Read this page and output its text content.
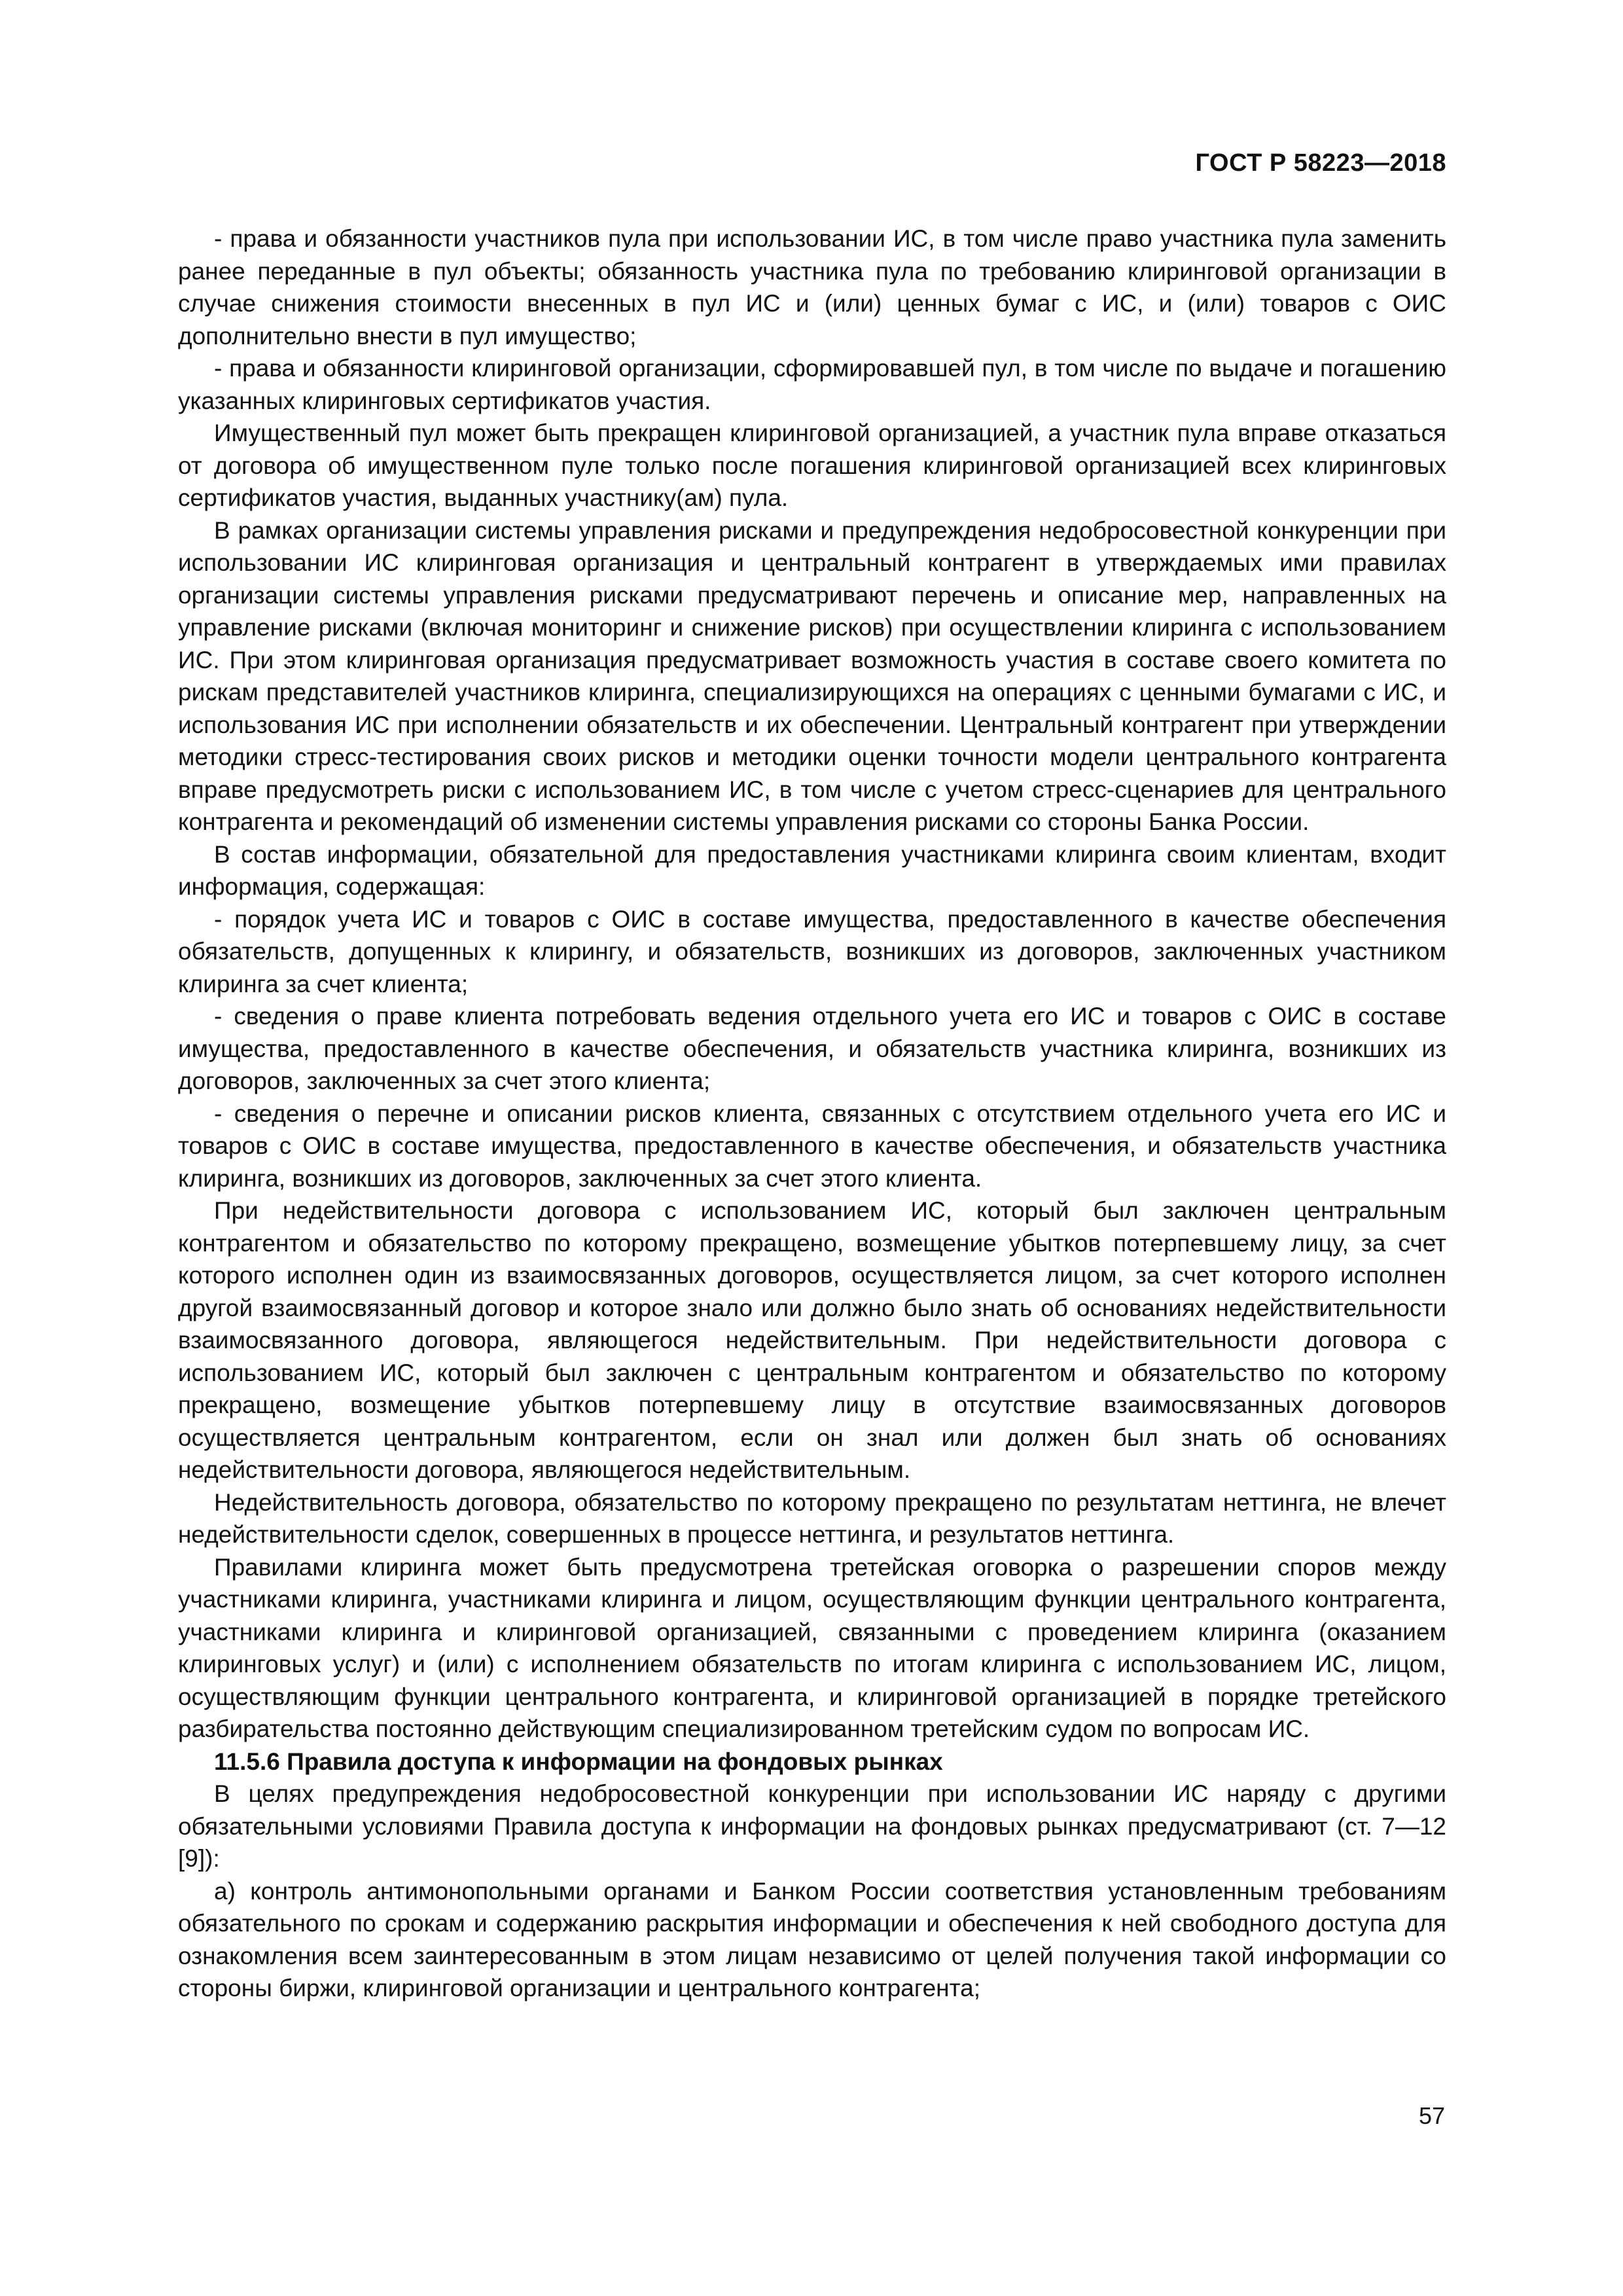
ГОСТ Р 58223—2018

- права и обязанности участников пула при использовании ИС, в том числе право участника пула заменить ранее переданные в пул объекты; обязанность участника пула по требованию клиринговой организации в случае снижения стоимости внесенных в пул ИС и (или) ценных бумаг с ИС, и (или) товаров с ОИС дополнительно внести в пул имущество;

- права и обязанности клиринговой организации, сформировавшей пул, в том числе по выдаче и погашению указанных клиринговых сертификатов участия.

Имущественный пул может быть прекращен клиринговой организацией, а участник пула вправе отказаться от договора об имущественном пуле только после погашения клиринговой организацией всех клиринговых сертификатов участия, выданных участнику(ам) пула.

В рамках организации системы управления рисками и предупреждения недобросовестной конкуренции при использовании ИС клиринговая организация и центральный контрагент в утверждаемых ими правилах организации системы управления рисками предусматривают перечень и описание мер, направленных на управление рисками (включая мониторинг и снижение рисков) при осуществлении клиринга с использованием ИС. При этом клиринговая организация предусматривает возможность участия в составе своего комитета по рискам представителей участников клиринга, специализирующихся на операциях с ценными бумагами с ИС, и использования ИС при исполнении обязательств и их обеспечении. Центральный контрагент при утверждении методики стресс-тестирования своих рисков и методики оценки точности модели центрального контрагента вправе предусмотреть риски с использованием ИС, в том числе с учетом стресс-сценариев для центрального контрагента и рекомендаций об изменении системы управления рисками со стороны Банка России.

В состав информации, обязательной для предоставления участниками клиринга своим клиентам, входит информация, содержащая:

- порядок учета ИС и товаров с ОИС в составе имущества, предоставленного в качестве обеспечения обязательств, допущенных к клирингу, и обязательств, возникших из договоров, заключенных участником клиринга за счет клиента;

- сведения о праве клиента потребовать ведения отдельного учета его ИС и товаров с ОИС в составе имущества, предоставленного в качестве обеспечения, и обязательств участника клиринга, возникших из договоров, заключенных за счет этого клиента;

- сведения о перечне и описании рисков клиента, связанных с отсутствием отдельного учета его ИС и товаров с ОИС в составе имущества, предоставленного в качестве обеспечения, и обязательств участника клиринга, возникших из договоров, заключенных за счет этого клиента.

При недействительности договора с использованием ИС, который был заключен центральным контрагентом и обязательство по которому прекращено, возмещение убытков потерпевшему лицу, за счет которого исполнен один из взаимосвязанных договоров, осуществляется лицом, за счет которого исполнен другой взаимосвязанный договор и которое знало или должно было знать об основаниях недействительности взаимосвязанного договора, являющегося недействительным. При недействительности договора с использованием ИС, который был заключен с центральным контрагентом и обязательство по которому прекращено, возмещение убытков потерпевшему лицу в отсутствие взаимосвязанных договоров осуществляется центральным контрагентом, если он знал или должен был знать об основаниях недействительности договора, являющегося недействительным.

Недействительность договора, обязательство по которому прекращено по результатам неттинга, не влечет недействительности сделок, совершенных в процессе неттинга, и результатов неттинга.

Правилами клиринга может быть предусмотрена третейская оговорка о разрешении споров между участниками клиринга, участниками клиринга и лицом, осуществляющим функции центрального контрагента, участниками клиринга и клиринговой организацией, связанными с проведением клиринга (оказанием клиринговых услуг) и (или) с исполнением обязательств по итогам клиринга с использованием ИС, лицом, осуществляющим функции центрального контрагента, и клиринговой организацией в порядке третейского разбирательства постоянно действующим специализированном третейским судом по вопросам ИС.

11.5.6 Правила доступа к информации на фондовых рынках

В целях предупреждения недобросовестной конкуренции при использовании ИС наряду с другими обязательными условиями Правила доступа к информации на фондовых рынках предусматривают (ст. 7—12 [9]):

а) контроль антимонопольными органами и Банком России соответствия установленным требованиям обязательного по срокам и содержанию раскрытия информации и обеспечения к ней свободного доступа для ознакомления всем заинтересованным в этом лицам независимо от целей получения такой информации со стороны биржи, клиринговой организации и центрального контрагента;

57
